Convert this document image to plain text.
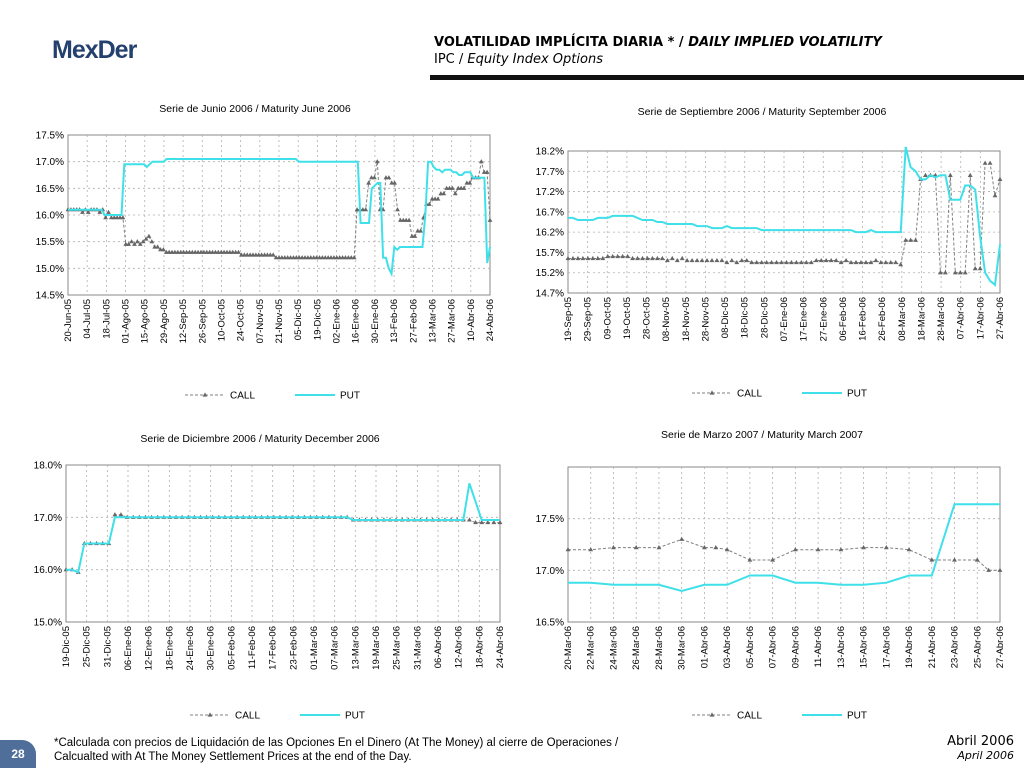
MexDer	VOLATILIDAD IMPLÍCITA DIARIA * / DAILY IMPLIED VOLATILITY
IPC / Equity Index Options
Serie de Junio 2006 / Maturity June 2006
17.5%
17.0%
16.5%
16.0%
15.5%
15.0%
14.5%
20-Jun-05 04-Jul-05 18-Jul-05 01-Ago-05 15-Ago-05 29-Ago-05 12-Sep-05 26-Sep-05 10-Oct-05 24-Oct-05 07-Nov-05 21-Nov-05 05-Dic-05 19-Dic-05 02-Ene-06 16-Ene-06 30-Ene-06 13-Feb-06 27-Feb-06 13-Mar-06 27-Mar-06 10-Abr-06 24-Abr-06
CALL	PUT
Serie de Septiembre 2006 / Maturity September 2006
18.2%
17.7%
17.2%
16.7%
16.2%
15.7%
15.2%
14.7%
19-Sep-05 29-Sep-05 09-Oct-05 19-Oct-05 28-Oct-05 08-Nov-05 18-Nov-05 28-Nov-05 08-Dic-05 18-Dic-05 28-Dic-05 07-Ene-06 17-Ene-06 27-Ene-06 06-Feb-06 16-Feb-06 26-Feb-06 08-Mar-06 18-Mar-06 28-Mar-06 07-Abr-06 17-Abr-06 27-Abr-06
CALL	PUT
Serie de Diciembre 2006 / Maturity December 2006
18.0%
17.0%
16.0%
15.0%
19-Dic-05 25-Dic-05 31-Dic-05 06-Ene-06 12-Ene-06 18-Ene-06 24-Ene-06 30-Ene-06 05-Feb-06 11-Feb-06 17-Feb-06 23-Feb-06 01-Mar-06 07-Mar-06 13-Mar-06 19-Mar-06 25-Mar-06 31-Mar-06 06-Abr-06 12-Abr-06 18-Abr-06 24-Abr-06
CALL	PUT
Serie de Marzo 2007 / Maturity March 2007
17.5%
17.0%
16.5%
20-Mar-06 22-Mar-06 24-Mar-06 26-Mar-06 28-Mar-06 30-Mar-06 01-Abr-06 03-Abr-06 05-Abr-06 07-Abr-06 09-Abr-06 11-Abr-06 13-Abr-06 15-Abr-06 17-Abr-06 19-Abr-06 21-Abr-06 23-Abr-06 25-Abr-06 27-Abr-06
CALL	PUT
*Calculada con precios de Liquidación de las Opciones En el Dinero (At The Money) al cierre de Operaciones /
Calcualted with At The Money Settlement Prices at the end of the Day.
Abril 2006
April 2006
28
